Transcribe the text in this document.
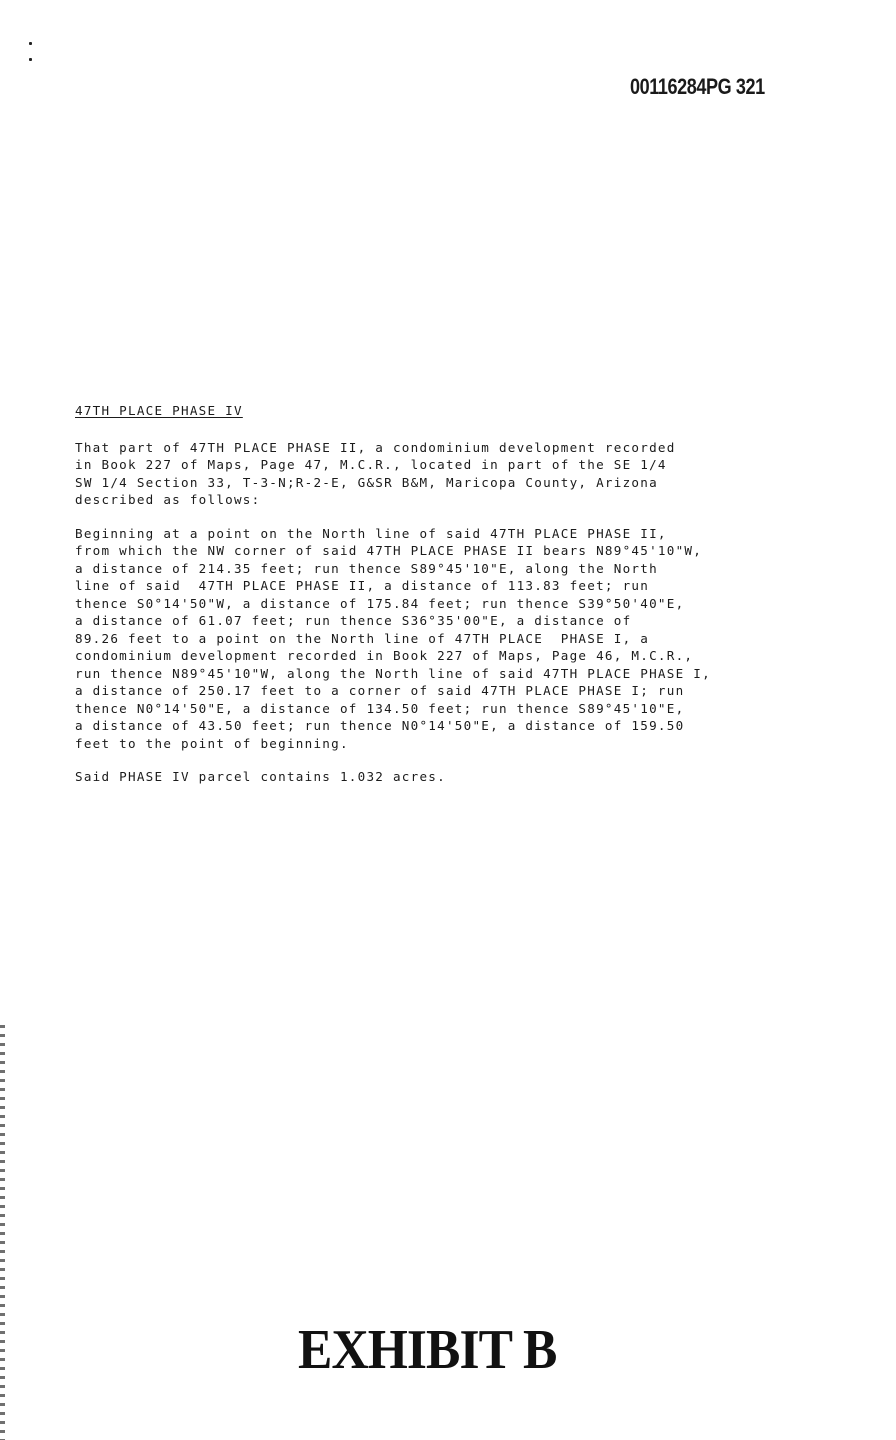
00116284PG 321
47TH PLACE PHASE IV
That part of 47TH PLACE PHASE II, a condominium development recorded
in Book 227 of Maps, Page 47, M.C.R., located in part of the SE 1/4
SW 1/4 Section 33, T-3-N;R-2-E, G&SR B&M, Maricopa County, Arizona
described as follows:
Beginning at a point on the North line of said 47TH PLACE PHASE II,
from which the NW corner of said 47TH PLACE PHASE II bears N89°45'10"W,
a distance of 214.35 feet; run thence S89°45'10"E, along the North
line of said  47TH PLACE PHASE II, a distance of 113.83 feet; run
thence S0°14'50"W, a distance of 175.84 feet; run thence S39°50'40"E,
a distance of 61.07 feet; run thence S36°35'00"E, a distance of
89.26 feet to a point on the North line of 47TH PLACE  PHASE I, a
condominium development recorded in Book 227 of Maps, Page 46, M.C.R.,
run thence N89°45'10"W, along the North line of said 47TH PLACE PHASE I,
a distance of 250.17 feet to a corner of said 47TH PLACE PHASE I; run
thence N0°14'50"E, a distance of 134.50 feet; run thence S89°45'10"E,
a distance of 43.50 feet; run thence N0°14'50"E, a distance of 159.50
feet to the point of beginning.
Said PHASE IV parcel contains 1.032 acres.
EXHIBIT B
